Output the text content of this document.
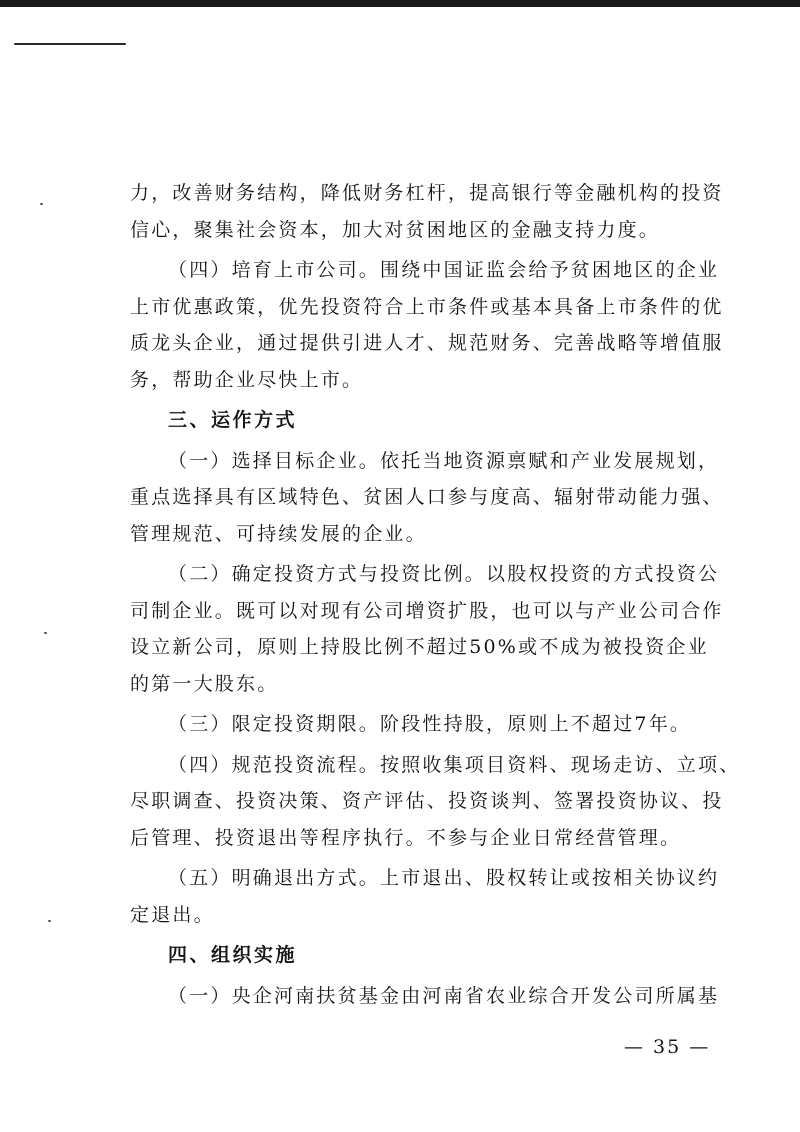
力，改善财务结构，降低财务杠杆，提高银行等金融机构的投资

信心，聚集社会资本，加大对贫困地区的金融支持力度。

（四）培育上市公司。围绕中国证监会给予贫困地区的企业

上市优惠政策，优先投资符合上市条件或基本具备上市条件的优

质龙头企业，通过提供引进人才、规范财务、完善战略等增值服

务，帮助企业尽快上市。

三、运作方式

（一）选择目标企业。依托当地资源禀赋和产业发展规划，

重点选择具有区域特色、贫困人口参与度高、辐射带动能力强、

管理规范、可持续发展的企业。

（二）确定投资方式与投资比例。以股权投资的方式投资公

司制企业。既可以对现有公司增资扩股，也可以与产业公司合作

设立新公司，原则上持股比例不超过50%或不成为被投资企业

的第一大股东。

（三）限定投资期限。阶段性持股，原则上不超过7年。

（四）规范投资流程。按照收集项目资料、现场走访、立项、

尽职调查、投资决策、资产评估、投资谈判、签署投资协议、投

后管理、投资退出等程序执行。不参与企业日常经营管理。

（五）明确退出方式。上市退出、股权转让或按相关协议约

定退出。

四、组织实施

（一）央企河南扶贫基金由河南省农业综合开发公司所属基

— 35 —
